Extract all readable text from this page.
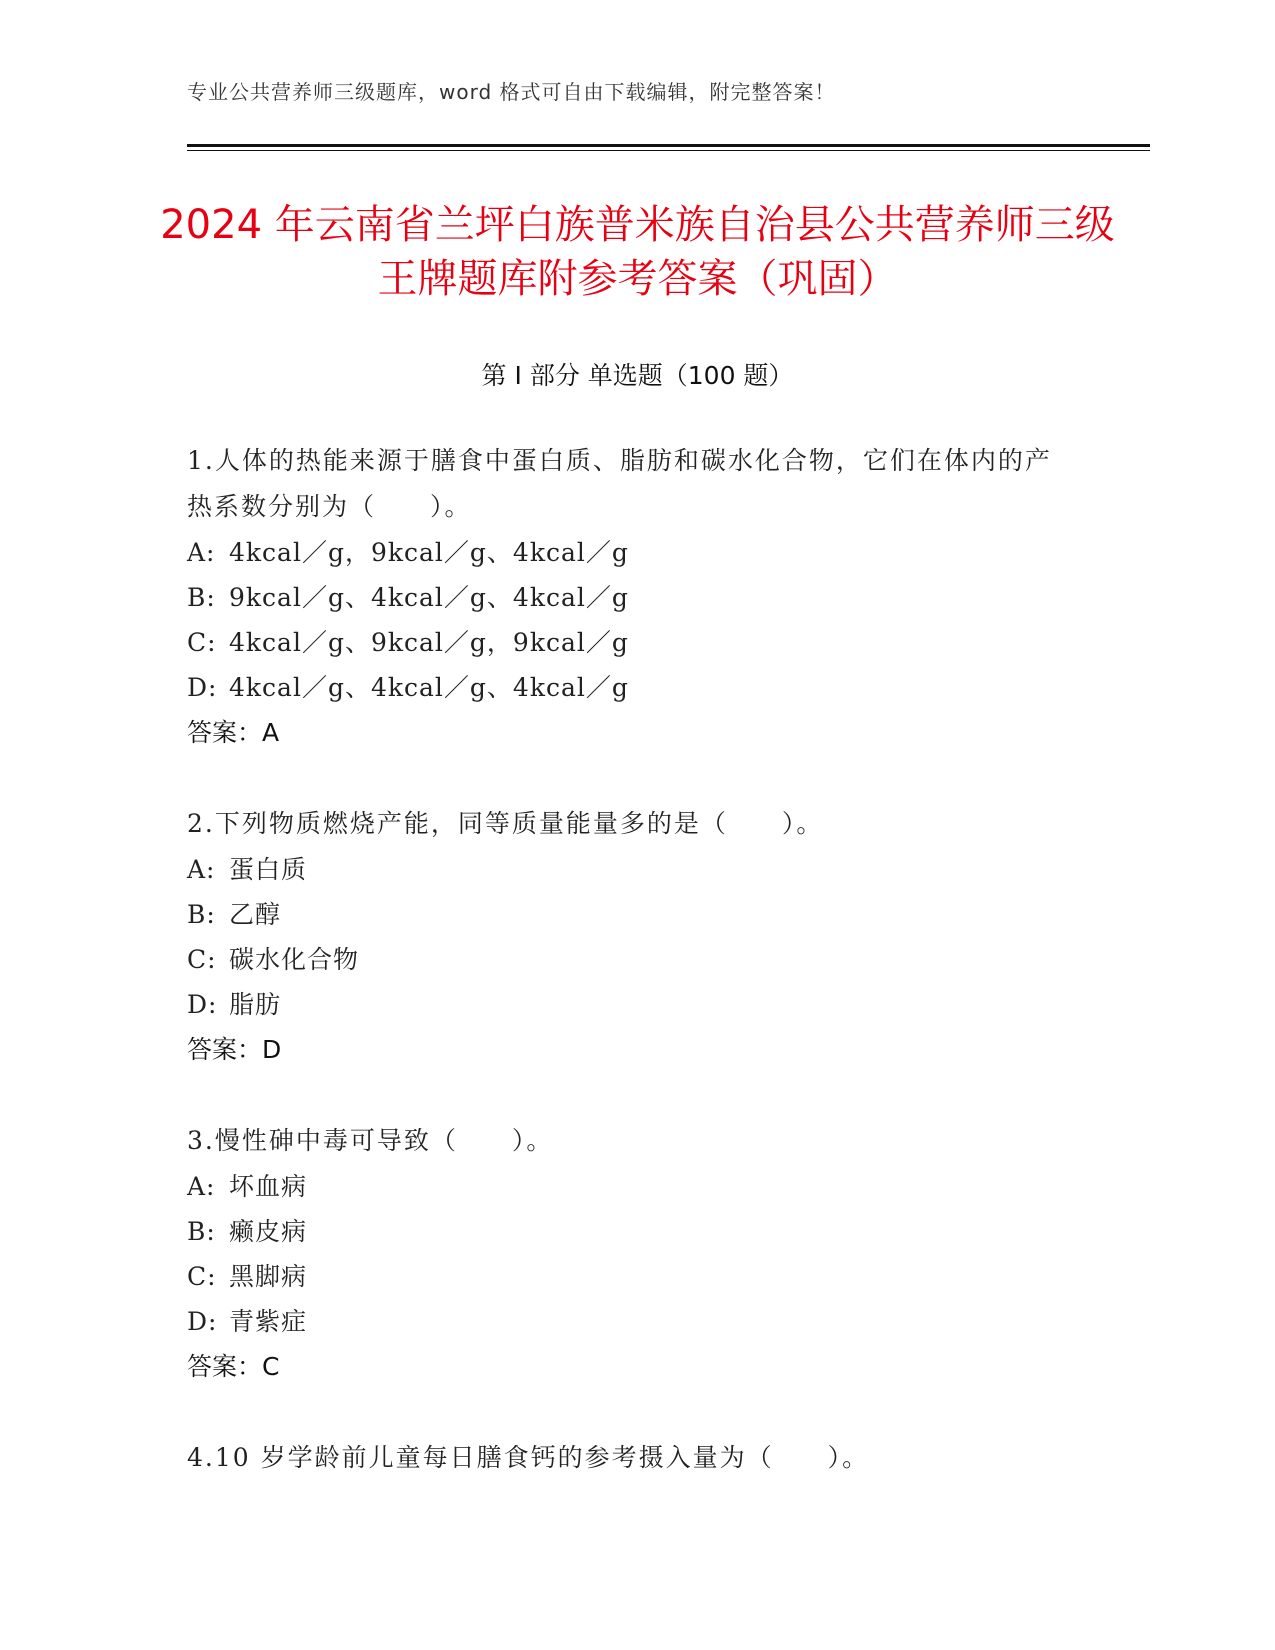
专业公共营养师三级题库，word 格式可自由下载编辑，附完整答案！
2024 年云南省兰坪白族普米族自治县公共营养师三级王牌题库附参考答案（巩固）
第 I 部分 单选题（100 题）
1.人体的热能来源于膳食中蛋白质、脂肪和碳水化合物，它们在体内的产热系数分别为（　　）。
A: 4kcal／g，9kcal／g、4kcal／g
B: 9kcal／g、4kcal／g、4kcal／g
C: 4kcal／g、9kcal／g，9kcal／g
D: 4kcal／g、4kcal／g、4kcal／g
答案：A
2.下列物质燃烧产能，同等质量能量多的是（　　）。
A: 蛋白质
B: 乙醇
C: 碳水化合物
D: 脂肪
答案：D
3.慢性砷中毒可导致（　　）。
A: 坏血病
B: 癞皮病
C: 黑脚病
D: 青紫症
答案：C
4.10 岁学龄前儿童每日膳食钙的参考摄入量为（　　）。
